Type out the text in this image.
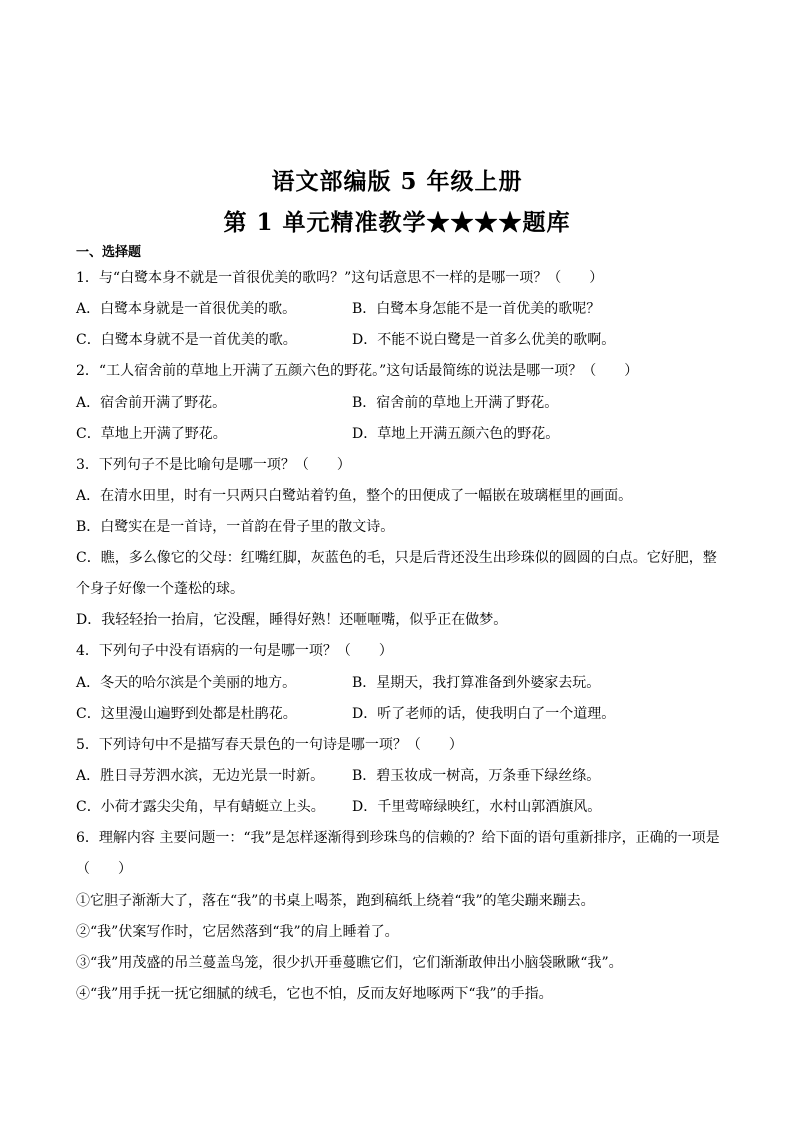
语文部编版 5 年级上册
第 1 单元精准教学★★★★题库
一、选择题
1．与“白鹭本身不就是一首很优美的歌吗？”这句话意思不一样的是哪一项？（　　）
A．白鹭本身就是一首很优美的歌。	B．白鹭本身怎能不是一首优美的歌呢？
C．白鹭本身就不是一首优美的歌。	D．不能不说白鹭是一首多么优美的歌啊。
2．“工人宿舍前的草地上开满了五颜六色的野花。”这句话最简练的说法是哪一项？（　　）
A．宿舍前开满了野花。	B．宿舍前的草地上开满了野花。
C．草地上开满了野花。	D．草地上开满五颜六色的野花。
3．下列句子不是比喻句是哪一项？（　　）
A．在清水田里，时有一只两只白鹭站着钓鱼，整个的田便成了一幅嵌在玻璃框里的画面。
B．白鹭实在是一首诗，一首韵在骨子里的散文诗。
C．瞧，多么像它的父母：红嘴红脚，灰蓝色的毛，只是后背还没生出珍珠似的圆圆的白点。它好肥，整
个身子好像一个蓬松的球。
D．我轻轻抬一抬肩，它没醒，睡得好熟！还咂咂嘴，似乎正在做梦。
4．下列句子中没有语病的一句是哪一项？（　　）
A．冬天的哈尔滨是个美丽的地方。	B．星期天，我打算准备到外婆家去玩。
C．这里漫山遍野到处都是杜鹃花。	D．听了老师的话，使我明白了一个道理。
5．下列诗句中不是描写春天景色的一句诗是哪一项？（　　）
A．胜日寻芳泗水滨，无边光景一时新。 B．碧玉妆成一树高，万条垂下绿丝绦。
C．小荷才露尖尖角，早有蜻蜓立上头。 D．千里莺啼绿映红，水村山郭酒旗风。
6．理解内容 主要问题一：“我”是怎样逐渐得到珍珠鸟的信赖的？给下面的语句重新排序，正确的一项是
（　　）
①它胆子渐渐大了，落在“我”的书桌上喝茶，跑到稿纸上绕着“我”的笔尖蹦来蹦去。
②“我”伏案写作时，它居然落到“我”的肩上睡着了。
③“我”用茂盛的吊兰蔓盖鸟笼，很少扒开垂蔓瞧它们，它们渐渐敢伸出小脑袋瞅瞅“我”。
④“我”用手抚一抚它细腻的绒毛，它也不怕，反而友好地啄两下“我”的手指。
